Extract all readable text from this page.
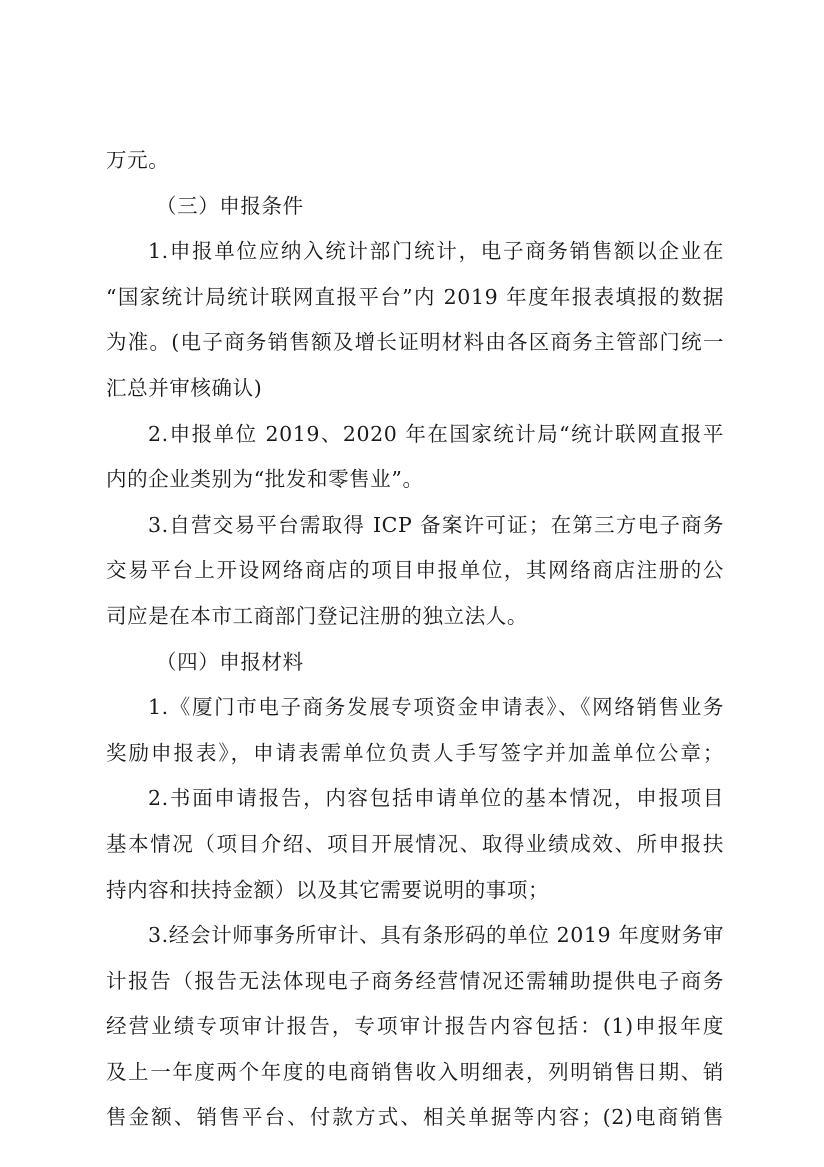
万元。
（三）申报条件
1.申报单位应纳入统计部门统计，电子商务销售额以企业在
“国家统计局统计联网直报平台”内 2019 年度年报表填报的数据
为准。(电子商务销售额及增长证明材料由各区商务主管部门统一
汇总并审核确认)
2.申报单位 2019、2020 年在国家统计局“统计联网直报平
内的企业类别为“批发和零售业”。
3.自营交易平台需取得 ICP 备案许可证；在第三方电子商务
交易平台上开设网络商店的项目申报单位，其网络商店注册的公
司应是在本市工商部门登记注册的独立法人。
（四）申报材料
1.《厦门市电子商务发展专项资金申请表》、《网络销售业务
奖励申报表》，申请表需单位负责人手写签字并加盖单位公章；
2.书面申请报告，内容包括申请单位的基本情况，申报项目
基本情况（项目介绍、项目开展情况、取得业绩成效、所申报扶
持内容和扶持金额）以及其它需要说明的事项；
3.经会计师事务所审计、具有条形码的单位 2019 年度财务审
计报告（报告无法体现电子商务经营情况还需辅助提供电子商务
经营业绩专项审计报告，专项审计报告内容包括：(1)申报年度
及上一年度两个年度的电商销售收入明细表，列明销售日期、销
售金额、销售平台、付款方式、相关单据等内容；(2)电商销售
